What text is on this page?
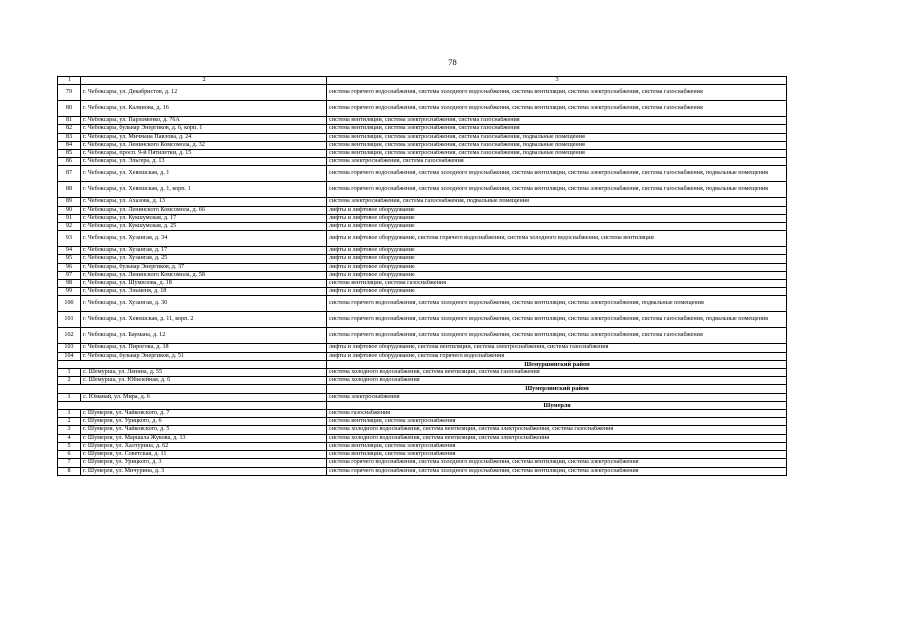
78
1	2	3
79	г. Чебоксары, ул. Декабристов, д. 12	система горячего водоснабжения, система холодного водоснабжения, система вентиляции, система электроснабжения, система газоснабжения
80	г. Чебоксары, ул. Калинова, д. 16	система горячего водоснабжения, система холодного водоснабжения, система вентиляции, система электроснабжения, система газоснабжения
81	г. Чебоксары, ул. Пархоменко, д. 76А	система вентиляции, система электроснабжения, система газоснабжения
82	г. Чебоксары, бульвар Энергиков, д. 6, корп. 1	система вентиляции, система электроснабжения, система газоснабжения
83	г. Чебоксары, ул. Мичмана Павлова, д. 24	система вентиляции, система электроснабжения, система газоснабжения, подвальные помещения
84	г. Чебоксары, ул. Ленинского Комсомола, д. 32	система вентиляции, система электроснабжения, система газоснабжения, подвальные помещения
85	г. Чебоксары, просп. 9-й Пятилетки, д. 15	система вентиляции, система электроснабжения, система газоснабжения, подвальные помещения
86	г. Чебоксары, ул. Эльгера, д. 13	система электроснабжения, система газоснабжения
87	г. Чебоксары, ул. Хевешская, д. 1	система горячего водоснабжения, система холодного водоснабжения, система вентиляции, система электроснабжения, система газоснабжения, подвальные помещения
88	г. Чебоксары, ул. Хевешская, д. 1, корп. 1	система горячего водоснабжения, система холодного водоснабжения, система вентиляции, система электроснабжения, система газоснабжения, подвальные помещения
89	г. Чебоксары, ул. Ахазова, д. 13	система электроснабжения, система газоснабжения, подвальные помещения
90	г. Чебоксары, ул. Ленинского Комсомола, д. 66	лифты и лифтовое оборудование
91	г. Чебоксары, ул. Кукшумская, д. 17	лифты и лифтовое оборудование
92	г. Чебоксары, ул. Кукшумская, д. 25	лифты и лифтовое оборудование
93	г. Чебоксары, ул. Хузангая, д. 34	лифты и лифтовое оборудование, система горячего водоснабжения, система холодного водоснабжения, система вентиляции
94	г. Чебоксары, ул. Хузангая, д. 17	лифты и лифтовое оборудование
95	г. Чебоксары, ул. Хузангая, д. 25	лифты и лифтовое оборудование
96	г. Чебоксары, бульвар Энергиков, д. 37	лифты и лифтовое оборудование
97	г. Чебоксары, ул. Ленинского Комсомола, д. 58	лифты и лифтовое оборудование
98	г. Чебоксары, ул. Шумилова, д. 18	система вентиляции, система газоснабжения
99	г. Чебоксары, ул. Эльменя, д. 18	лифты и лифтовое оборудование
100	г. Чебоксары, ул. Хузангая, д. 30	система горячего водоснабжения, система холодного водоснабжения, система вентиляции, система электроснабжения, подвальные помещения
101	г. Чебоксары, ул. Хевешская, д. 11, корп. 2	система горячего водоснабжения, система холодного водоснабжения, система вентиляции, система электроснабжения, система газоснабжения, подвальные помещения
102	г. Чебоксары, ул. Баумана, д. 12	система горячего водоснабжения, система холодного водоснабжения, система вентиляции, система электроснабжения, система газоснабжения
103	г. Чебоксары, ул. Пирогова, д. 18	лифты и лифтовое оборудование, система вентиляции, система электроснабжения, система газоснабжения
104	г. Чебоксары, бульвар Энергиков, д. 51	лифты и лифтовое оборудование, система горячего водоснабжения
		Шемуршинский район
1	с. Шемурша, ул. Ленина, д. 55	система холодного водоснабжения, система вентиляции, система газоснабжения
2	с. Шемурша, ул. Юбилейная, д. 6	система холодного водоснабжения
		Шумерлинский район
1	с. Юманай, ул. Мира, д. 6	система электроснабжения
		Шумерля
1	г. Шумерля, ул. Чайковского, д. 7	система газоснабжения
2	г. Шумерля, ул. Урицкого, д. 6	система вентиляции, система электроснабжения
3	г. Шумерля, ул. Чайковского, д. 5	система холодного водоснабжения, система вентиляции, система электроснабжения, система газоснабжения
4	г. Шумерля, ул. Маршала Жукова, д. 13	система холодного водоснабжения, система вентиляции, система электроснабжения
5	г. Шумерля, ул. Халтурина, д. 62	система вентиляции, система электроснабжения
6	г. Шумерля, ул. Советская, д. 11	система вентиляции, система электроснабжения
7	г. Шумерля, ул. Урицкого, д. 3	система горячего водоснабжения, система холодного водоснабжения, система вентиляции, система электроснабжения
8	г. Шумерля, ул. Мичурина, д. 3	система горячего водоснабжения, система холодного водоснабжения, система вентиляции, система электроснабжения
